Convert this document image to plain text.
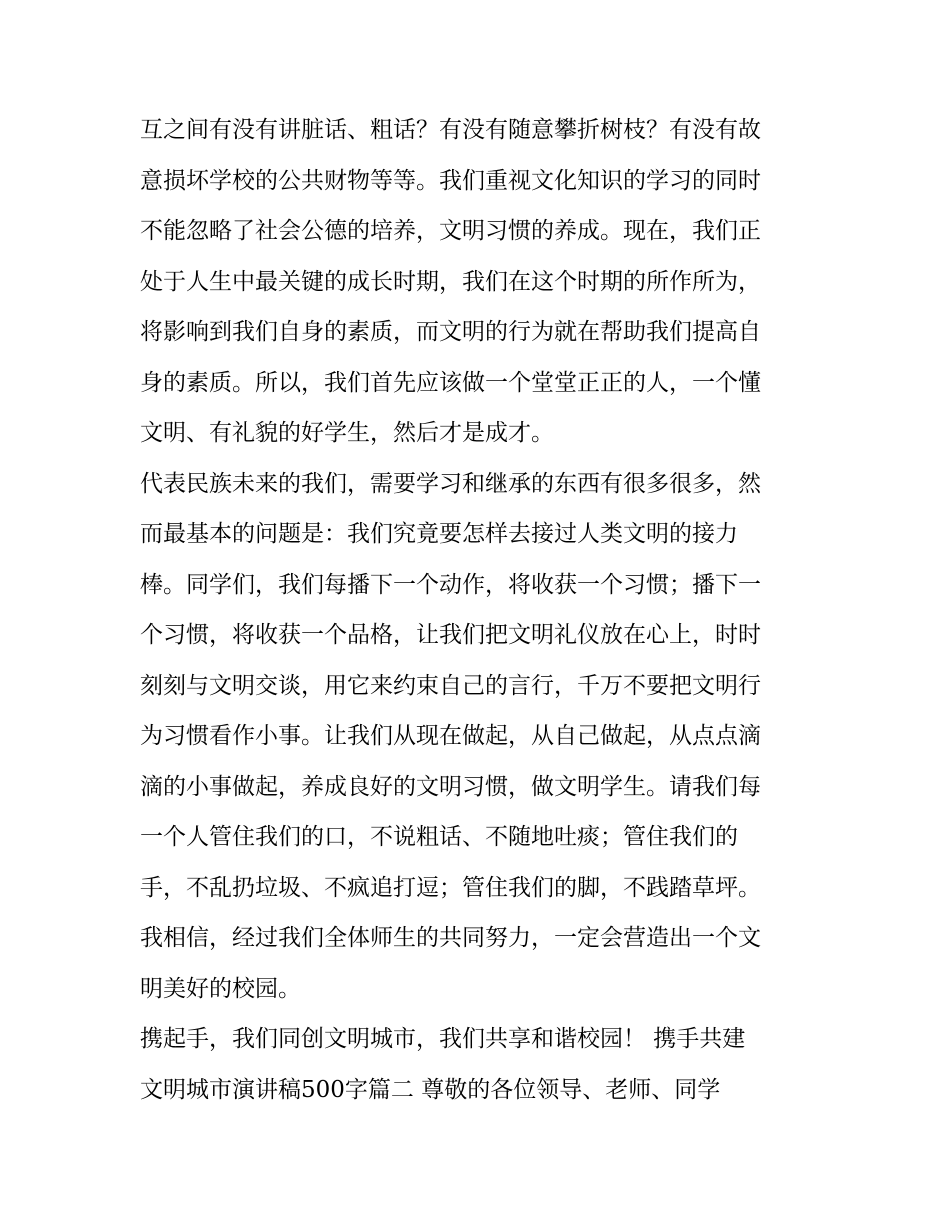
互之间有没有讲脏话、粗话？有没有随意攀折树枝？有没有故
意损坏学校的公共财物等等。我们重视文化知识的学习的同时
不能忽略了社会公德的培养，文明习惯的养成。现在，我们正
处于人生中最关键的成长时期，我们在这个时期的所作所为，
将影响到我们自身的素质，而文明的行为就在帮助我们提高自
身的素质。所以，我们首先应该做一个堂堂正正的人，一个懂
文明、有礼貌的好学生，然后才是成才。
代表民族未来的我们，需要学习和继承的东西有很多很多，然
而最基本的问题是：我们究竟要怎样去接过人类文明的接力
棒。同学们，我们每播下一个动作，将收获一个习惯；播下一
个习惯，将收获一个品格，让我们把文明礼仪放在心上，时时
刻刻与文明交谈，用它来约束自己的言行，千万不要把文明行
为习惯看作小事。让我们从现在做起，从自己做起，从点点滴
滴的小事做起，养成良好的文明习惯，做文明学生。请我们每
一个人管住我们的口，不说粗话、不随地吐痰；管住我们的
手，不乱扔垃圾、不疯追打逗；管住我们的脚，不践踏草坪。
我相信，经过我们全体师生的共同努力，一定会营造出一个文
明美好的校园。
携起手，我们同创文明城市，我们共享和谐校园！ 携手共建
文明城市演讲稿500字篇二 尊敬的各位领导、老师、同学
